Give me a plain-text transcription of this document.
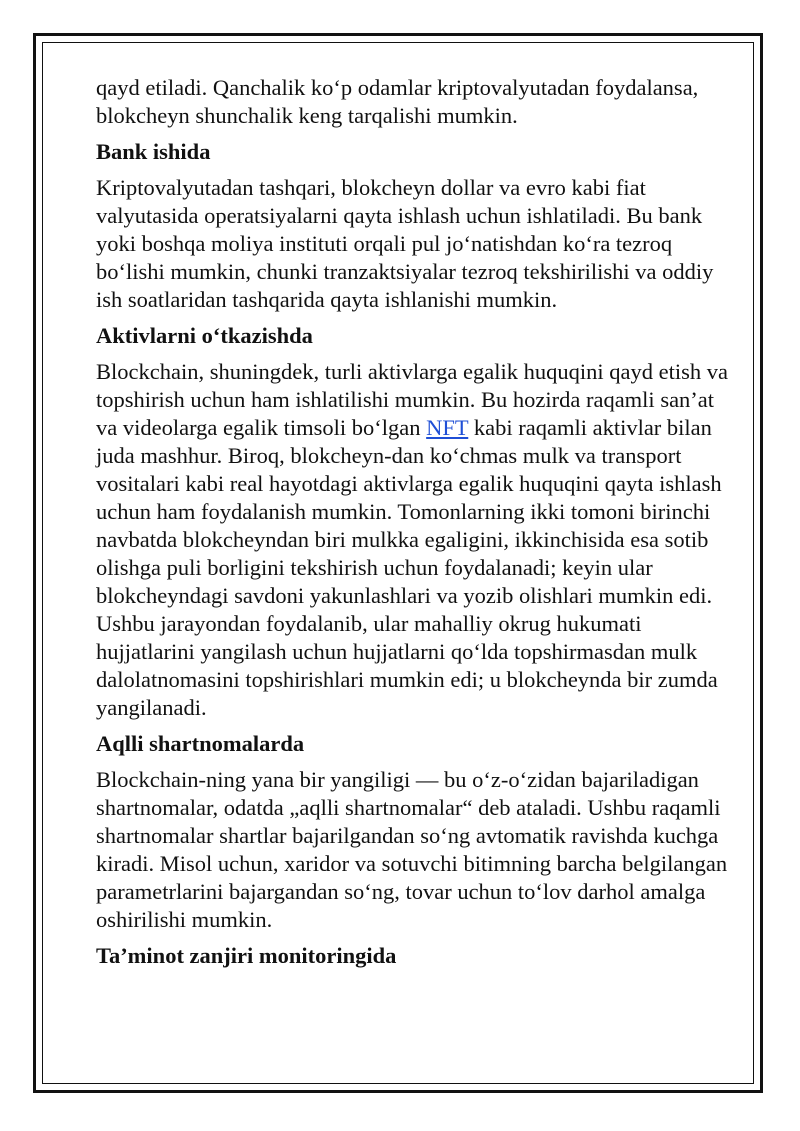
qayd etiladi. Qanchalik ko‘p odamlar kriptovalyutadan foydalansa, blokcheyn shunchalik keng tarqalishi mumkin.

Bank ishida

Kriptovalyutadan tashqari, blokcheyn dollar va evro kabi fiat valyutasida operatsiyalarni qayta ishlash uchun ishlatiladi. Bu bank yoki boshqa moliya instituti orqali pul jo‘natishdan ko‘ra tezroq bo‘lishi mumkin, chunki tranzaktsiyalar tezroq tekshirilishi va oddiy ish soatlaridan tashqarida qayta ishlanishi mumkin.

Aktivlarni o‘tkazishda

Blockchain, shuningdek, turli aktivlarga egalik huquqini qayd etish va topshirish uchun ham ishlatilishi mumkin. Bu hozirda raqamli san’at va videolarga egalik timsoli bo‘lgan NFT kabi raqamli aktivlar bilan juda mashhur. Biroq, blokcheyn-dan ko‘chmas mulk va transport vositalari kabi real hayotdagi aktivlarga egalik huquqini qayta ishlash uchun ham foydalanish mumkin. Tomonlarning ikki tomoni birinchi navbatda blokcheyndan biri mulkka egaligini, ikkinchisida esa sotib olishga puli borligini tekshirish uchun foydalanadi; keyin ular blokcheyndagi savdoni yakunlashlari va yozib olishlari mumkin edi. Ushbu jarayondan foydalanib, ular mahalliy okrug hukumati hujjatlarini yangilash uchun hujjatlarni qo‘lda topshirmasdan mulk dalolatnomasini topshirishlari mumkin edi; u blokcheynda bir zumda yangilanadi.

Aqlli shartnomalarda

Blockchain-ning yana bir yangiligi — bu o‘z-o‘zidan bajariladigan shartnomalar, odatda „aqlli shartnomalar“ deb ataladi. Ushbu raqamli shartnomalar shartlar bajarilgandan so‘ng avtomatik ravishda kuchga kiradi. Misol uchun, xaridor va sotuvchi bitimning barcha belgilangan parametrlarini bajargandan so‘ng, tovar uchun to‘lov darhol amalga oshirilishi mumkin.

Ta’minot zanjiri monitoringida
